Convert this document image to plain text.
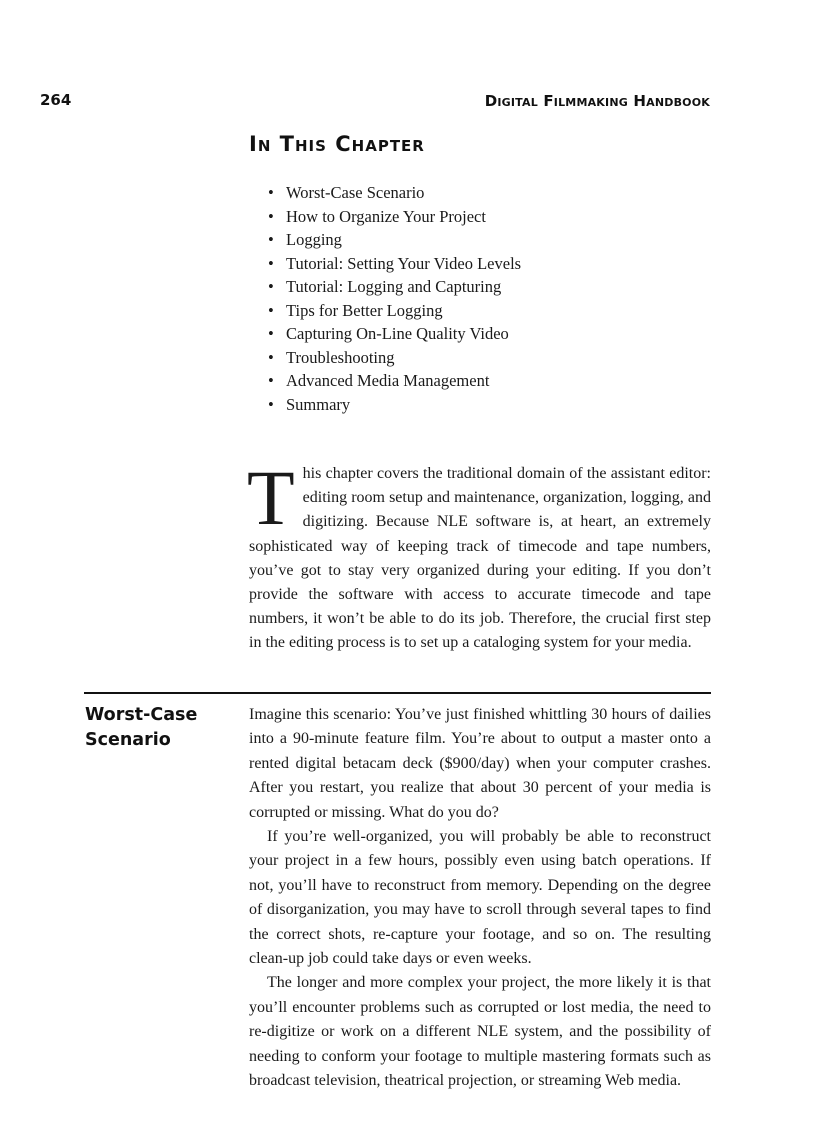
264	Digital Filmmaking Handbook
In This Chapter
• Worst-Case Scenario
• How to Organize Your Project
• Logging
• Tutorial: Setting Your Video Levels
• Tutorial: Logging and Capturing
• Tips for Better Logging
• Capturing On-Line Quality Video
• Troubleshooting
• Advanced Media Management
• Summary

This chapter covers the traditional domain of the assistant editor: editing room setup and maintenance, organization, logging, and digitizing. Because NLE software is, at heart, an extremely sophisticated way of keeping track of timecode and tape numbers, you’ve got to stay very organized during your editing. If you don’t provide the software with access to accurate timecode and tape numbers, it won’t be able to do its job. Therefore, the crucial first step in the editing process is to set up a cataloging system for your media.

Worst-Case Scenario

Imagine this scenario: You’ve just finished whittling 30 hours of dailies into a 90-minute feature film. You’re about to output a master onto a rented digital betacam deck ($900/day) when your computer crashes. After you restart, you realize that about 30 percent of your media is corrupted or missing. What do you do?

If you’re well-organized, you will probably be able to reconstruct your project in a few hours, possibly even using batch operations. If not, you’ll have to reconstruct from memory. Depending on the degree of disorganization, you may have to scroll through several tapes to find the correct shots, re-capture your footage, and so on. The resulting clean-up job could take days or even weeks.

The longer and more complex your project, the more likely it is that you’ll encounter problems such as corrupted or lost media, the need to re-digitize or work on a different NLE system, and the possibility of needing to conform your footage to multiple mastering formats such as broadcast television, theatrical projection, or streaming Web media.
